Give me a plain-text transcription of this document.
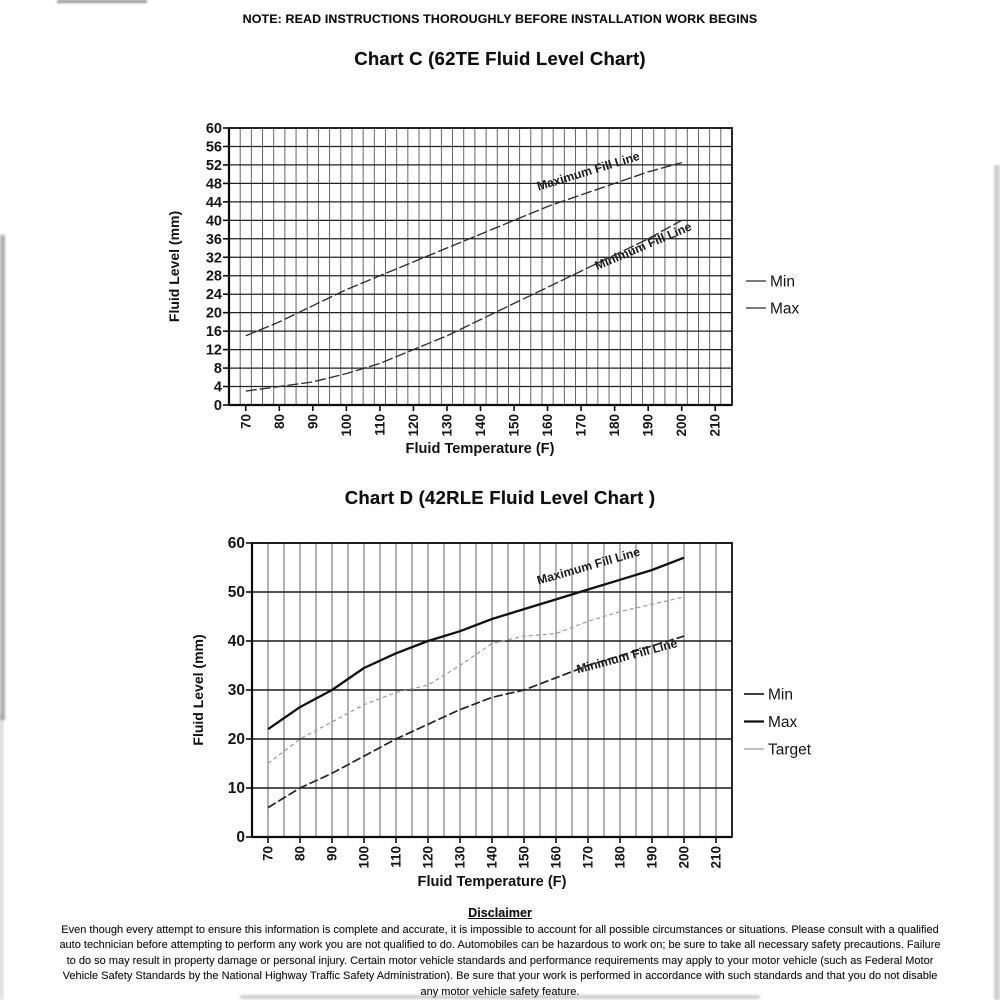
NOTE: READ INSTRUCTIONS THOROUGHLY BEFORE INSTALLATION WORK BEGINS
Chart C (62TE Fluid Level Chart)
Chart D (42RLE Fluid Level Chart )
70 80 90 100 110 120 130 140 150 160 170 180 190 200 210
0
4
8
12
16
20
24
28
32
36
40
44
48
52
56
60
Fluid Level (mm)
Fluid Temperature (F)
Maximum Fill Line
Minimum Fill Line
Min
Max
70 80 90 100 110 120 130 140 150 160 170 180 190 200 210
0
10
20
30
40
50
60
Fluid Level (mm)
Fluid Temperature (F)
Maximum Fill Line
Minimum Fill Line
Min
Max
Target
Disclaimer
Even though every attempt to ensure this information is complete and accurate, it is impossible to account for all possible circumstances or situations. Please consult with a qualified auto technician before attempting to perform any work you are not qualified to do. Automobiles can be hazardous to work on; be sure to take all necessary safety precautions. Failure to do so may result in property damage or personal injury. Certain motor vehicle standards and performance requirements may apply to your motor vehicle (such as Federal Motor Vehicle Safety Standards by the National Highway Traffic Safety Administration). Be sure that your work is performed in accordance with such standards and that you do not disable any motor vehicle safety feature.
